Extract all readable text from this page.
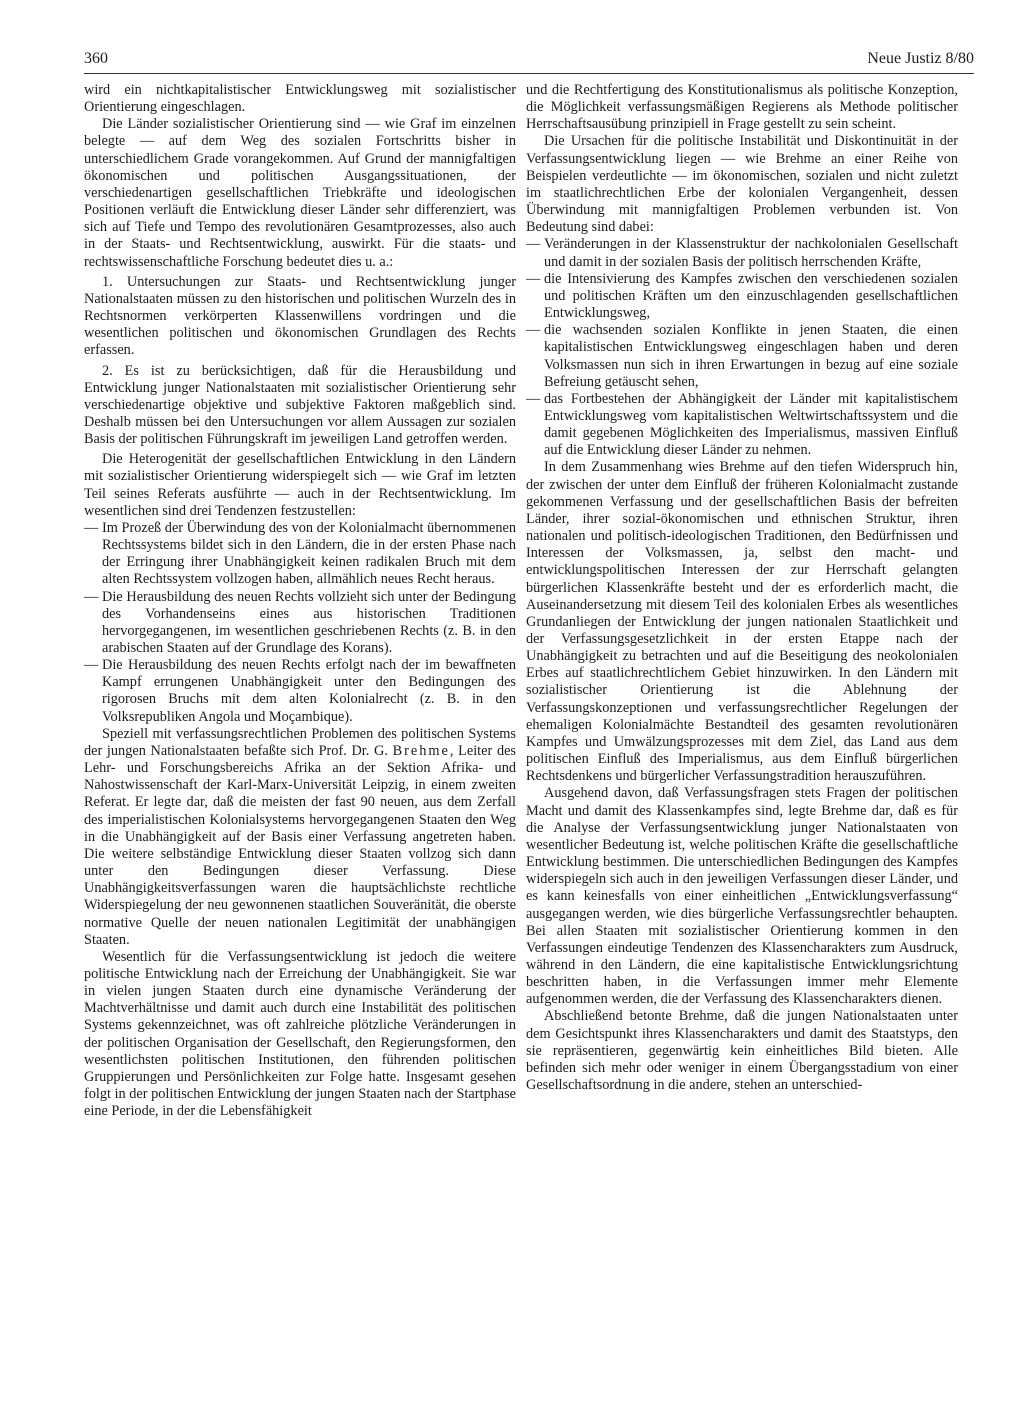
360	Neue Justiz 8/80

wird ein nichtkapitalistischer Entwicklungsweg mit sozialistischer Orientierung eingeschlagen.

Die Länder sozialistischer Orientierung sind — wie Graf im einzelnen belegte — auf dem Weg des sozialen Fortschritts bisher in unterschiedlichem Grade vorangekommen. Auf Grund der mannigfaltigen ökonomischen und politischen Ausgangssituationen, der verschiedenartigen gesellschaftlichen Triebkräfte und ideologischen Positionen verläuft die Entwicklung dieser Länder sehr differenziert, was sich auf Tiefe und Tempo des revolutionären Gesamtprozesses, also auch in der Staats- und Rechtsentwicklung, auswirkt. Für die staats- und rechtswissenschaftliche Forschung bedeutet dies u. a.:

1. Untersuchungen zur Staats- und Rechtsentwicklung junger Nationalstaaten müssen zu den historischen und politischen Wurzeln des in Rechtsnormen verkörperten Klassenwillens vordringen und die wesentlichen politischen und ökonomischen Grundlagen des Rechts erfassen.

2. Es ist zu berücksichtigen, daß für die Herausbildung und Entwicklung junger Nationalstaaten mit sozialistischer Orientierung sehr verschiedenartige objektive und subjektive Faktoren maßgeblich sind. Deshalb müssen bei den Untersuchungen vor allem Aussagen zur sozialen Basis der politischen Führungskraft im jeweiligen Land getroffen werden.

Die Heterogenität der gesellschaftlichen Entwicklung in den Ländern mit sozialistischer Orientierung widerspiegelt sich — wie Graf im letzten Teil seines Referats ausführte — auch in der Rechtsentwicklung. Im wesentlichen sind drei Tendenzen festzustellen:

— Im Prozeß der Überwindung des von der Kolonialmacht übernommenen Rechtssystems bildet sich in den Ländern, die in der ersten Phase nach der Erringung ihrer Unabhängigkeit keinen radikalen Bruch mit dem alten Rechtssystem vollzogen haben, allmählich neues Recht heraus.
— Die Herausbildung des neuen Rechts vollzieht sich unter der Bedingung des Vorhandenseins eines aus historischen Traditionen hervorgegangenen, im wesentlichen geschriebenen Rechts (z. B. in den arabischen Staaten auf der Grundlage des Korans).
— Die Herausbildung des neuen Rechts erfolgt nach der im bewaffneten Kampf errungenen Unabhängigkeit unter den Bedingungen des rigorosen Bruchs mit dem alten Kolonialrecht (z. B. in den Volksrepubliken Angola und Moçambique).

Speziell mit verfassungsrechtlichen Problemen des politischen Systems der jungen Nationalstaaten befaßte sich Prof. Dr. G. Brehme, Leiter des Lehr- und Forschungsbereichs Afrika an der Sektion Afrika- und Nahostwissenschaft der Karl-Marx-Universität Leipzig, in einem zweiten Referat. Er legte dar, daß die meisten der fast 90 neuen, aus dem Zerfall des imperialistischen Kolonialsystems hervorgegangenen Staaten den Weg in die Unabhängigkeit auf der Basis einer Verfassung angetreten haben. Die weitere selbständige Entwicklung dieser Staaten vollzog sich dann unter den Bedingungen dieser Verfassung. Diese Unabhängigkeitsverfassungen waren die hauptsächlichste rechtliche Widerspiegelung der neu gewonnenen staatlichen Souveränität, die oberste normative Quelle der neuen nationalen Legitimität der unabhängigen Staaten.

Wesentlich für die Verfassungsentwicklung ist jedoch die weitere politische Entwicklung nach der Erreichung der Unabhängigkeit. Sie war in vielen jungen Staaten durch eine dynamische Veränderung der Machtverhältnisse und damit auch durch eine Instabilität des politischen Systems gekennzeichnet, was oft zahlreiche plötzliche Veränderungen in der politischen Organisation der Gesellschaft, den Regierungsformen, den wesentlichsten politischen Institutionen, den führenden politischen Gruppierungen und Persönlichkeiten zur Folge hatte. Insgesamt gesehen folgt in der politischen Entwicklung der jungen Staaten nach der Startphase eine Periode, in der die Lebensfähigkeit

und die Rechtfertigung des Konstitutionalismus als politische Konzeption, die Möglichkeit verfassungsmäßigen Regierens als Methode politischer Herrschaftsausübung prinzipiell in Frage gestellt zu sein scheint.

Die Ursachen für die politische Instabilität und Diskontinuität in der Verfassungsentwicklung liegen — wie Brehme an einer Reihe von Beispielen verdeutlichte — im ökonomischen, sozialen und nicht zuletzt im staatlichrechtlichen Erbe der kolonialen Vergangenheit, dessen Überwindung mit mannigfaltigen Problemen verbunden ist. Von Bedeutung sind dabei:

— Veränderungen in der Klassenstruktur der nachkolonialen Gesellschaft und damit in der sozialen Basis der politisch herrschenden Kräfte,
— die Intensivierung des Kampfes zwischen den verschiedenen sozialen und politischen Kräften um den einzuschlagenden gesellschaftlichen Entwicklungsweg,
— die wachsenden sozialen Konflikte in jenen Staaten, die einen kapitalistischen Entwicklungsweg eingeschlagen haben und deren Volksmassen nun sich in ihren Erwartungen in bezug auf eine soziale Befreiung getäuscht sehen,
— das Fortbestehen der Abhängigkeit der Länder mit kapitalistischem Entwicklungsweg vom kapitalistischen Weltwirtschaftssystem und die damit gegebenen Möglichkeiten des Imperialismus, massiven Einfluß auf die Entwicklung dieser Länder zu nehmen.

In dem Zusammenhang wies Brehme auf den tiefen Widerspruch hin, der zwischen der unter dem Einfluß der früheren Kolonialmacht zustande gekommenen Verfassung und der gesellschaftlichen Basis der befreiten Länder, ihrer sozial-ökonomischen und ethnischen Struktur, ihren nationalen und politisch-ideologischen Traditionen, den Bedürfnissen und Interessen der Volksmassen, ja, selbst den macht- und entwicklungspolitischen Interessen der zur Herrschaft gelangten bürgerlichen Klassenkräfte besteht und der es erforderlich macht, die Auseinandersetzung mit diesem Teil des kolonialen Erbes als wesentliches Grundanliegen der Entwicklung der jungen nationalen Staatlichkeit und der Verfassungsgesetzlichkeit in der ersten Etappe nach der Unabhängigkeit zu betrachten und auf die Beseitigung des neokolonialen Erbes auf staatlichrechtlichem Gebiet hinzuwirken. In den Ländern mit sozialistischer Orientierung ist die Ablehnung der Verfassungskonzeptionen und verfassungsrechtlicher Regelungen der ehemaligen Kolonialmächte Bestandteil des gesamten revolutionären Kampfes und Umwälzungsprozesses mit dem Ziel, das Land aus dem politischen Einfluß des Imperialismus, aus dem Einfluß bürgerlichen Rechtsdenkens und bürgerlicher Verfassungstradition herauszuführen.

Ausgehend davon, daß Verfassungsfragen stets Fragen der politischen Macht und damit des Klassenkampfes sind, legte Brehme dar, daß es für die Analyse der Verfassungsentwicklung junger Nationalstaaten von wesentlicher Bedeutung ist, welche politischen Kräfte die gesellschaftliche Entwicklung bestimmen. Die unterschiedlichen Bedingungen des Kampfes widerspiegeln sich auch in den jeweiligen Verfassungen dieser Länder, und es kann keinesfalls von einer einheitlichen „Entwicklungsverfassung“ ausgegangen werden, wie dies bürgerliche Verfassungsrechtler behaupten. Bei allen Staaten mit sozialistischer Orientierung kommen in den Verfassungen eindeutige Tendenzen des Klassencharakters zum Ausdruck, während in den Ländern, die eine kapitalistische Entwicklungsrichtung beschritten haben, in die Verfassungen immer mehr Elemente aufgenommen werden, die der Verfassung des Klassencharakters dienen.

Abschließend betonte Brehme, daß die jungen Nationalstaaten unter dem Gesichtspunkt ihres Klassencharakters und damit des Staatstyps, den sie repräsentieren, gegenwärtig kein einheitliches Bild bieten. Alle befinden sich mehr oder weniger in einem Übergangsstadium von einer Gesellschaftsordnung in die andere, stehen an unterschied-
